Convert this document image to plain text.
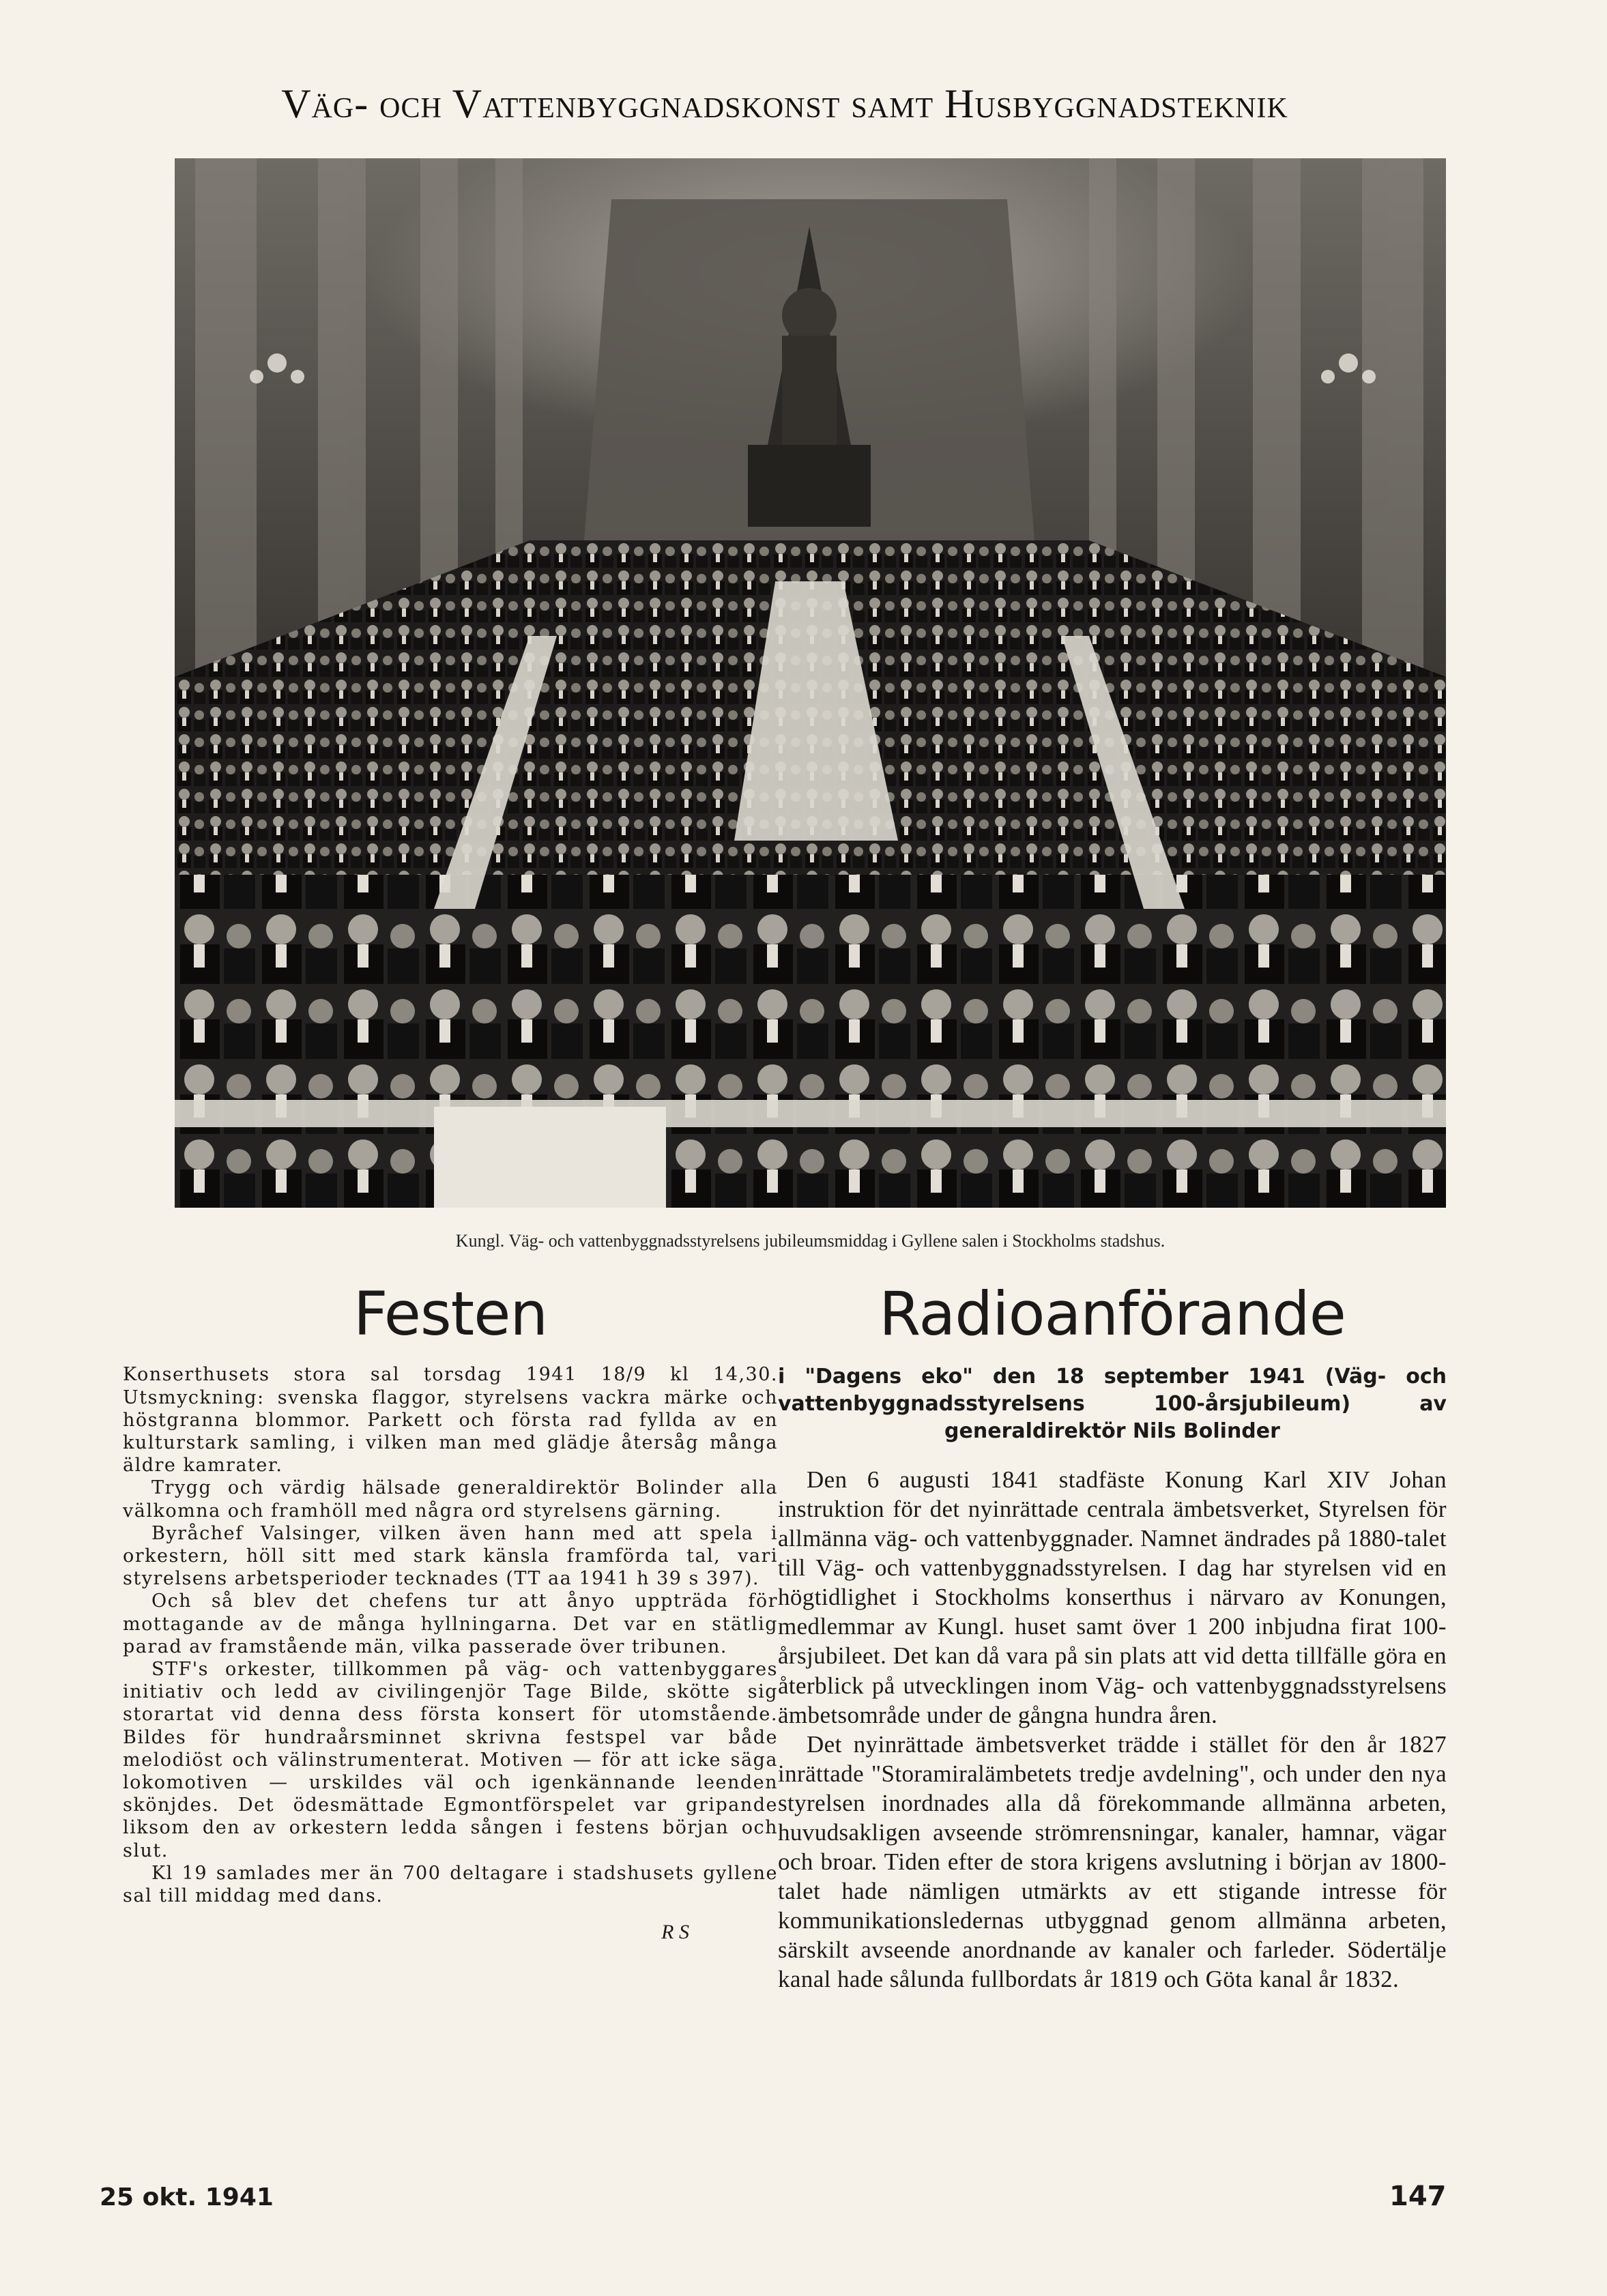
Väg- och Vattenbyggnadskonst samt Husbyggnadsteknik
Kungl. Väg- och vattenbyggnadsstyrelsens jubileumsmiddag i Gyllene salen i Stockholms stadshus.
Festen

Konserthusets stora sal torsdag 1941 18/9 kl 14,30. Utsmyckning: svenska flaggor, styrelsens vackra märke och höstgranna blommor. Parkett och första rad fyllda av en kulturstark samling, i vilken man med glädje återsåg många äldre kamrater.

Trygg och värdig hälsade generaldirektör Bolinder alla välkomna och framhöll med några ord styrelsens gärning.

Byråchef Valsinger, vilken även hann med att spela i orkestern, höll sitt med stark känsla framförda tal, vari styrelsens arbetsperioder tecknades (TT aa 1941 h 39 s 397).

Och så blev det chefens tur att ånyo uppträda för mottagande av de många hyllningarna. Det var en stätlig parad av framstående män, vilka passerade över tribunen.

STF's orkester, tillkommen på väg- och vattenbyggares initiativ och ledd av civilingenjör Tage Bilde, skötte sig storartat vid denna dess första konsert för utomstående. Bildes för hundraårsminnet skrivna festspel var både melodiöst och välinstrumenterat. Motiven — för att icke säga lokomotiven — urskildes väl och igenkännande leenden skönjdes. Det ödesmättade Egmontförspelet var gripande liksom den av orkestern ledda sången i festens början och slut.

Kl 19 samlades mer än 700 deltagare i stadshusets gyllene sal till middag med dans.

R S
Radioanförande
i "Dagens eko" den 18 september 1941 (Väg- och vattenbyggnadsstyrelsens 100-årsjubileum) av generaldirektör Nils Bolinder

Den 6 augusti 1841 stadfäste Konung Karl XIV Johan instruktion för det nyinrättade centrala ämbetsverket, Styrelsen för allmänna väg- och vattenbyggnader. Namnet ändrades på 1880-talet till Väg- och vattenbyggnadsstyrelsen. I dag har styrelsen vid en högtidlighet i Stockholms konserthus i närvaro av Konungen, medlemmar av Kungl. huset samt över 1 200 inbjudna firat 100-årsjubileet. Det kan då vara på sin plats att vid detta tillfälle göra en återblick på utvecklingen inom Väg- och vattenbyggnadsstyrelsens ämbetsområde under de gångna hundra åren.

Det nyinrättade ämbetsverket trädde i stället för den år 1827 inrättade "Storamiralämbetets tredje avdelning", och under den nya styrelsen inordnades alla då förekommande allmänna arbeten, huvudsakligen avseende strömrensningar, kanaler, hamnar, vägar och broar. Tiden efter de stora krigens avslutning i början av 1800-talet hade nämligen utmärkts av ett stigande intresse för kommunikationsledernas utbyggnad genom allmänna arbeten, särskilt avseende anordnande av kanaler och farleder. Södertälje kanal hade sålunda fullbordats år 1819 och Göta kanal år 1832.

25 okt. 1941	147
